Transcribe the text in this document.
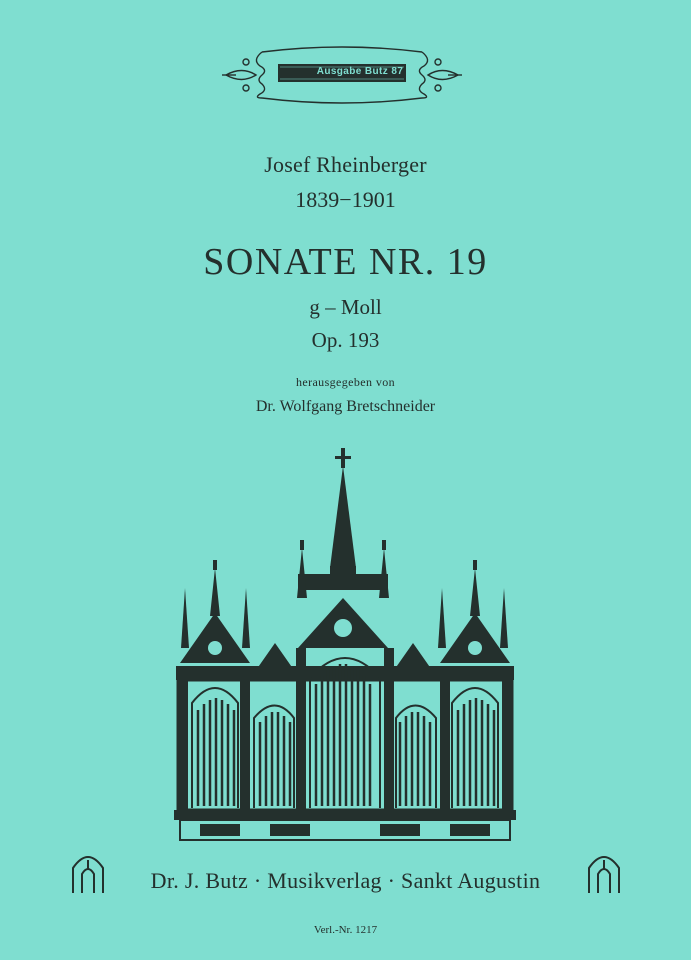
Ausgabe Butz 87
Josef Rheinberger
1839−1901
SONATE NR. 19
g – Moll
Op. 193
herausgegeben von
Dr. Wolfgang Bretschneider
Dr. J. Butz · Musikverlag · Sankt Augustin
Verl.-Nr. 1217
